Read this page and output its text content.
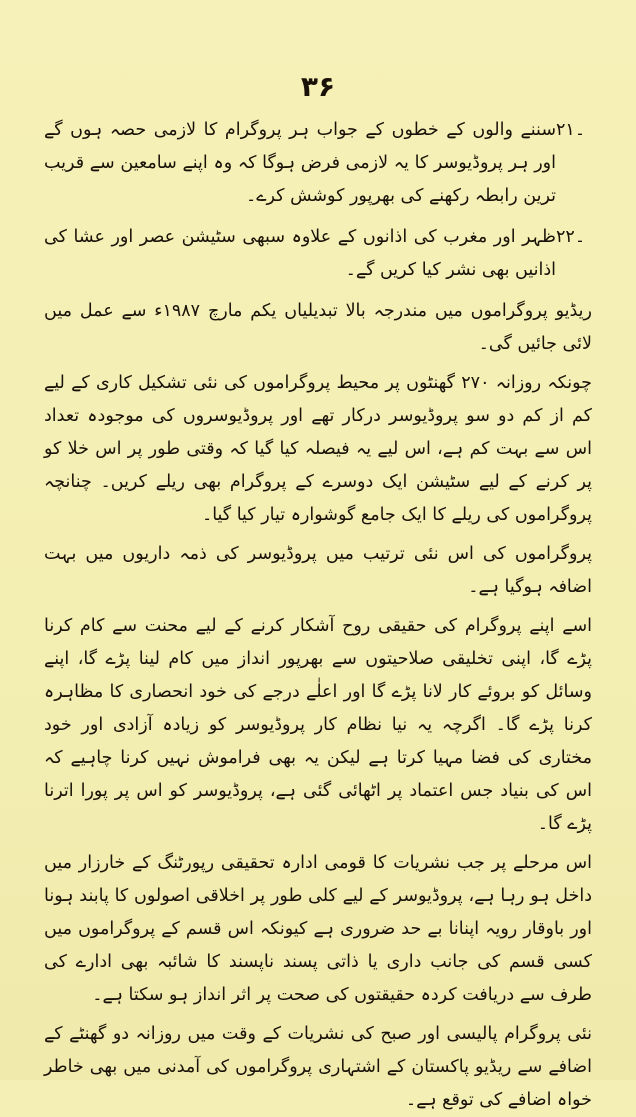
۳۶
۲۱۔
سننے والوں کے خطوں کے جواب ہر پروگرام کا لازمی حصہ ہوں گے اور ہر پروڈیوسر کا یہ لازمی فرض ہوگا کہ وہ اپنے سامعین سے قریب ترین رابطہ رکھنے کی بھرپور کوشش کرے۔
۲۲۔
ظہر اور مغرب کی اذانوں کے علاوہ سبھی سٹیشن عصر اور عشا کی اذانیں بھی نشر کیا کریں گے۔

ریڈیو پروگراموں میں مندرجہ بالا تبدیلیاں یکم مارچ ۱۹۸۷ء سے عمل میں لائی جائیں گی۔

چونکہ روزانہ ۲۷۰ گھنٹوں پر محیط پروگراموں کی نئی تشکیل کاری کے لیے کم از کم دو سو پروڈیوسر درکار تھے اور پروڈیوسروں کی موجودہ تعداد اس سے بہت کم ہے، اس لیے یہ فیصلہ کیا گیا کہ وقتی طور پر اس خلا کو پر کرنے کے لیے سٹیشن ایک دوسرے کے پروگرام بھی ریلے کریں۔ چنانچہ پروگراموں کی ریلے کا ایک جامع گوشوارہ تیار کیا گیا۔

پروگراموں کی اس نئی ترتیب میں پروڈیوسر کی ذمہ داریوں میں بہت اضافہ ہوگیا ہے۔

اسے اپنے پروگرام کی حقیقی روح آشکار کرنے کے لیے محنت سے کام کرنا پڑے گا، اپنی تخلیقی صلاحیتوں سے بھرپور انداز میں کام لینا پڑے گا، اپنے وسائل کو بروئے کار لانا پڑے گا اور اعلٰے درجے کی خود انحصاری کا مظاہرہ کرنا پڑے گا۔ اگرچہ یہ نیا نظام کار پروڈیوسر کو زیادہ آزادی اور خود مختاری کی فضا مہیا کرتا ہے لیکن یہ بھی فراموش نہیں کرنا چاہیے کہ اس کی بنیاد جس اعتماد پر اٹھائی گئی ہے، پروڈیوسر کو اس پر پورا اترنا پڑے گا۔

اس مرحلے پر جب نشریات کا قومی ادارہ تحقیقی رپورٹنگ کے خارزار میں داخل ہو رہا ہے، پروڈیوسر کے لیے کلی طور پر اخلاقی اصولوں کا پابند ہونا اور باوقار رویہ اپنانا بے حد ضروری ہے کیونکہ اس قسم کے پروگراموں میں کسی قسم کی جانب داری یا ذاتی پسند ناپسند کا شائبہ بھی ادارے کی طرف سے دریافت کردہ حقیقتوں کی صحت پر اثر انداز ہو سکتا ہے۔

نئی پروگرام پالیسی اور صبح کی نشریات کے وقت میں روزانہ دو گھنٹے کے اضافے سے ریڈیو پاکستان کے اشتہاری پروگراموں کی آمدنی میں بھی خاطر خواہ اضافے کی توقع ہے۔
